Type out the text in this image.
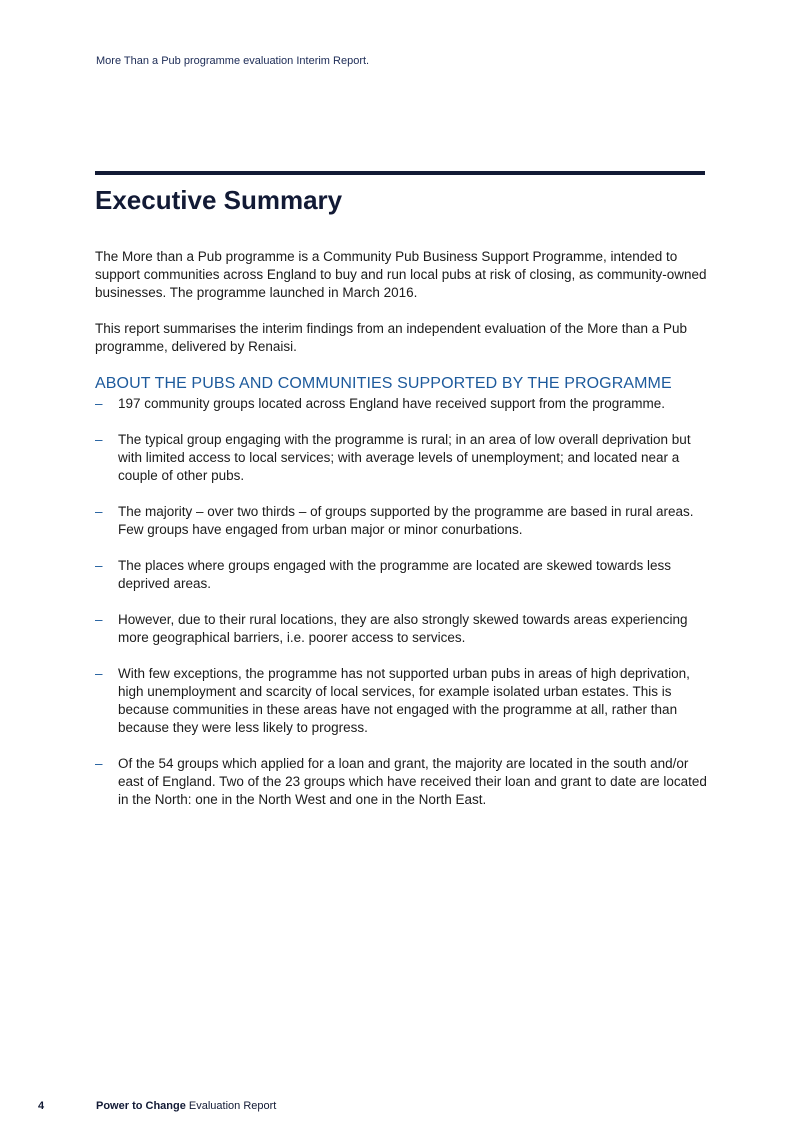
More Than a Pub programme evaluation Interim Report.
Executive Summary

The More than a Pub programme is a Community Pub Business Support Programme, intended to support communities across England to buy and run local pubs at risk of closing, as community-owned businesses. The programme launched in March 2016.

This report summarises the interim findings from an independent evaluation of the More than a Pub programme, delivered by Renaisi.

ABOUT THE PUBS AND COMMUNITIES SUPPORTED BY THE PROGRAMME
– 197 community groups located across England have received support from the programme.
– The typical group engaging with the programme is rural; in an area of low overall deprivation but with limited access to local services; with average levels of unemployment; and located near a couple of other pubs.
– The majority – over two thirds – of groups supported by the programme are based in rural areas. Few groups have engaged from urban major or minor conurbations.
– The places where groups engaged with the programme are located are skewed towards less deprived areas.
– However, due to their rural locations, they are also strongly skewed towards areas experiencing more geographical barriers, i.e. poorer access to services.
– With few exceptions, the programme has not supported urban pubs in areas of high deprivation, high unemployment and scarcity of local services, for example isolated urban estates. This is because communities in these areas have not engaged with the programme at all, rather than because they were less likely to progress.
– Of the 54 groups which applied for a loan and grant, the majority are located in the south and/or east of England. Two of the 23 groups which have received their loan and grant to date are located in the North: one in the North West and one in the North East.
4	Power to Change Evaluation Report
